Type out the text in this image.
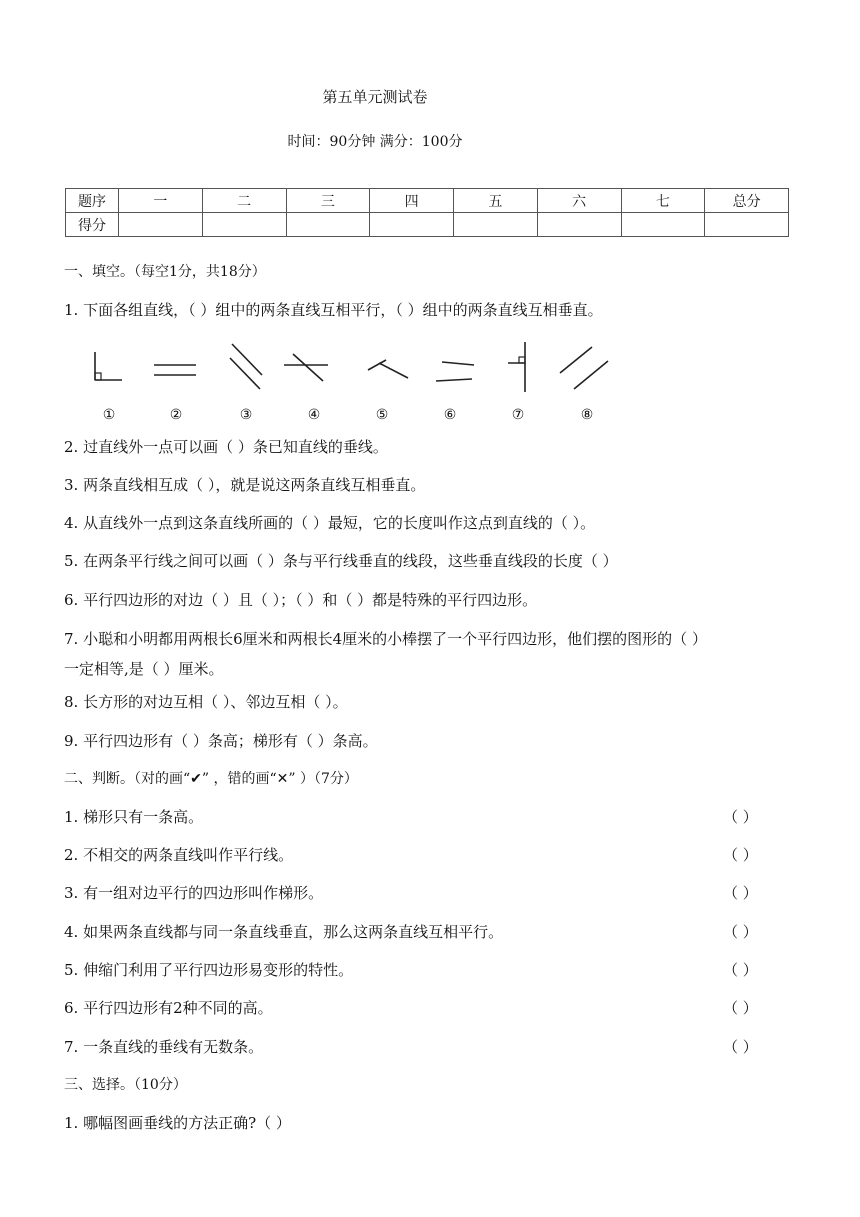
第五单元测试卷
时间：90分钟 满分：100分
题序	一	二	三	四	五	六	七	总分
得分								
一、填空。（每空1分，共18分）
1. 下面各组直线，（ ）组中的两条直线互相平行，（ ）组中的两条直线互相垂直。
①	②	③	④	⑤	⑥	⑦	⑧
2. 过直线外一点可以画（ ）条已知直线的垂线。
3. 两条直线相互成（ ），就是说这两条直线互相垂直。
4. 从直线外一点到这条直线所画的（ ）最短，它的长度叫作这点到直线的（ ）。
5. 在两条平行线之间可以画（ ）条与平行线垂直的线段，这些垂直线段的长度（ ）
6. 平行四边形的对边（ ）且（ ）；（ ）和（ ）都是特殊的平行四边形。
7. 小聪和小明都用两根长6厘米和两根长4厘米的小棒摆了一个平行四边形，他们摆的图形的（ ）
一定相等,是（ ）厘米。
8. 长方形的对边互相（ ）、邻边互相（ ）。
9. 平行四边形有（ ）条高；梯形有（ ）条高。
二、判断。（对的画“✔” ，错的画“✕” ）（7分）
1. 梯形只有一条高。	（ ）
2. 不相交的两条直线叫作平行线。	（ ）
3. 有一组对边平行的四边形叫作梯形。	（ ）
4. 如果两条直线都与同一条直线垂直，那么这两条直线互相平行。	（ ）
5. 伸缩门利用了平行四边形易变形的特性。	（ ）
6. 平行四边形有2种不同的高。	（ ）
7. 一条直线的垂线有无数条。	（ ）
三、选择。（10分）
1. 哪幅图画垂线的方法正确?（ ）
